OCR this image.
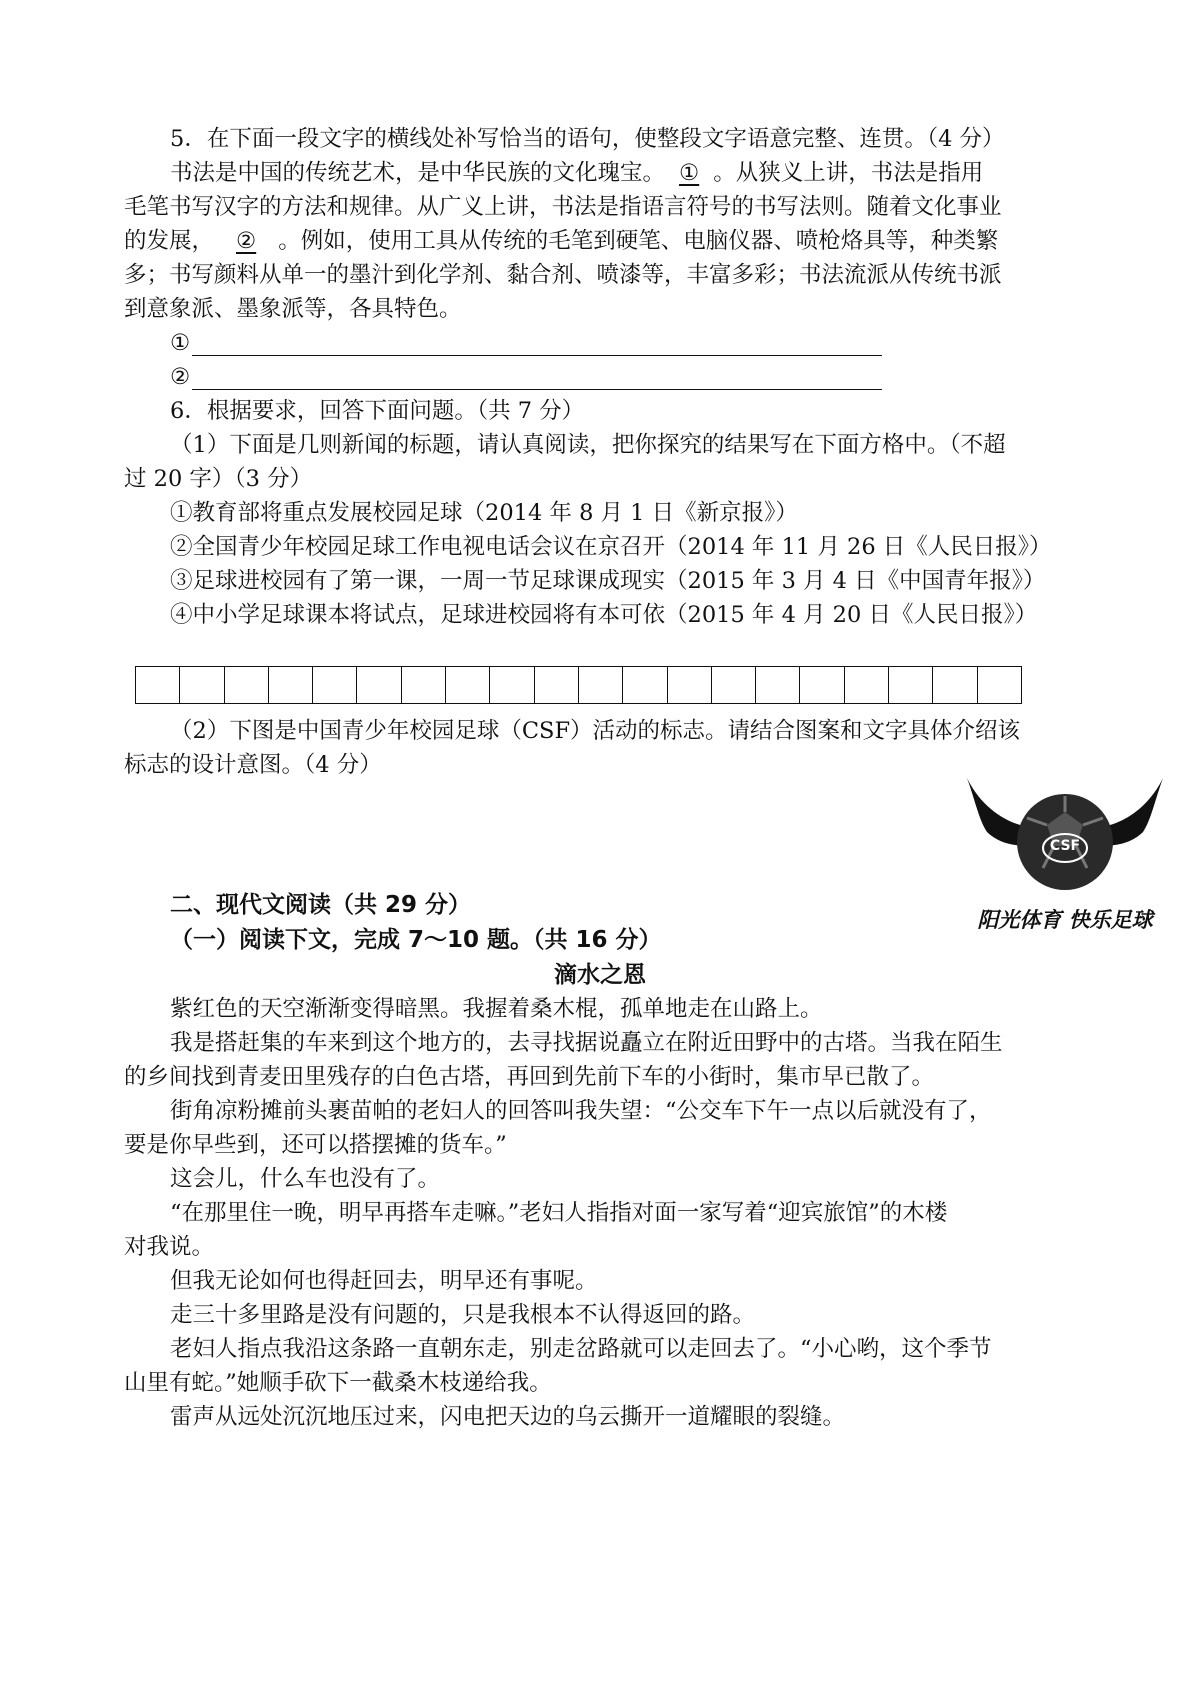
5．在下面一段文字的横线处补写恰当的语句，使整段文字语意完整、连贯。（4 分）
书法是中国的传统艺术，是中华民族的文化瑰宝。 ① 。从狭义上讲，书法是指用
毛笔书写汉字的方法和规律。从广义上讲，书法是指语言符号的书写法则。随着文化事业
的发展， ② 。例如，使用工具从传统的毛笔到硬笔、电脑仪器、喷枪烙具等，种类繁
多；书写颜料从单一的墨汁到化学剂、黏合剂、喷漆等，丰富多彩；书法流派从传统书派
到意象派、墨象派等，各具特色。
①
②
6．根据要求，回答下面问题。（共 7 分）
（1）下面是几则新闻的标题，请认真阅读，把你探究的结果写在下面方格中。（不超
过 20 字）（3 分）
①教育部将重点发展校园足球（2014 年 8 月 1 日《新京报》）
②全国青少年校园足球工作电视电话会议在京召开（2014 年 11 月 26 日《人民日报》）
③足球进校园有了第一课，一周一节足球课成现实（2015 年 3 月 4 日《中国青年报》）
④中小学足球课本将试点，足球进校园将有本可依（2015 年 4 月 20 日《人民日报》）
（2）下图是中国青少年校园足球（CSF）活动的标志。请结合图案和文字具体介绍该
标志的设计意图。（4 分）
CSF
阳光体育 快乐足球
二、现代文阅读（共 29 分）
（一）阅读下文，完成 7～10 题。（共 16 分）
滴水之恩
紫红色的天空渐渐变得暗黑。我握着桑木棍，孤单地走在山路上。
我是搭赶集的车来到这个地方的，去寻找据说矗立在附近田野中的古塔。当我在陌生
的乡间找到青麦田里残存的白色古塔，再回到先前下车的小街时，集市早已散了。
街角凉粉摊前头裹苗帕的老妇人的回答叫我失望：“公交车下午一点以后就没有了，
要是你早些到，还可以搭摆摊的货车。”
这会儿，什么车也没有了。
“在那里住一晚，明早再搭车走嘛。”老妇人指指对面一家写着“迎宾旅馆”的木楼
对我说。
但我无论如何也得赶回去，明早还有事呢。
走三十多里路是没有问题的，只是我根本不认得返回的路。
老妇人指点我沿这条路一直朝东走，别走岔路就可以走回去了。“小心哟，这个季节
山里有蛇。”她顺手砍下一截桑木枝递给我。
雷声从远处沉沉地压过来，闪电把天边的乌云撕开一道耀眼的裂缝。
